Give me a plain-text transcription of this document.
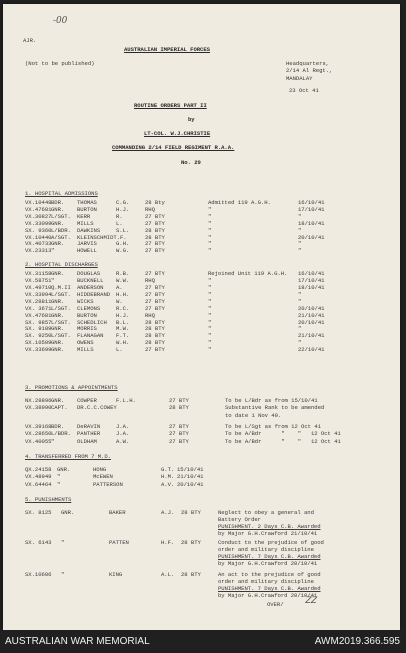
-00
AJR.
AUSTRALIAN IMPERIAL FORCES
(Not to be published)	Headquarters,
2/14 Al Regt.,
MANDALAY
23 Oct 41
ROUTINE ORDERS PART II
by
LT-COL. W.J.CHRISTIE
COMMANDING 2/14 FIELD REGIMENT R.A.A.
No. 29
1. HOSPITAL ADMISSIONS
VX.10448 BDR. THOMAS	C.G.	28 Bty	Admitted 119 A.G.H.	16/10/41
VX.47681 GNR. BURTON	H.J.	RHQ	"	17/10/41
VX.30827 L/SGT. KERR	R.	27 BTY	"	"
VX.33099 GNR. MILLS	L.	27 BTY	"	18/10/41
SX. 9360 L/BDR. DAWKINS	S.L.	28 BTY	"	"
VX.10440 A/SGT. KLEINSCHMIDT.F.	28 BTY	"	20/10/41
VX.40733 GNR. JARVIS	G.H.	27 BTY	"	"
VX.23313 "	HOWELL	W.G.	27 BTY	"	"
2. HOSPITAL DISCHARGES
VX.31158 GNR. DOUGLAS	R.B.	27 BTY	Rejoined Unit 119 A.G.H. 16/10/41
VX.58751 "	BUCKNELL W.W.	RHQ	"	17/10/41
VX.49710 Q.M.II ANDERSON A.	27 BTY	"	18/10/41
VX.33994 L/SGT. HIDDEBRAND H.H.	27 BTY	"	"
VX.28811 GNR. WICKS	W.	27 BTY	"	"
VX. 3671 L/SGT. CLEMONS	R.C.	27 BTY	"	20/10/41
VX.47681 GNR. BURTON	H.J.	RHQ	"	21/10/41
SX. 9857 L/SGT. SCHEDLICH B.L.	28 BTY	"	20/10/41
SX. 9189 GNR. MORRIS	M.W.	28 BTY	"	"
SX. 9250 L/SGT. FLANAGAN F.T.	28 BTY	"	21/10/41
SX.10509 GNR. OWENS	W.H.	28 BTY	"	"
VX.33699 GNR. MILLS	L.	27 BTY	"	22/10/41
3. PROMOTIONS & APPOINTMENTS
NX.28896 GNR. COWPER	F.L.H.	27 BTY	To be L/Bdr as from 15/10/41
VX.38990 CAPT. DR.C.C.COWEY	28 BTY	Substantive Rank to be amended
to date 1 Nov 40.
VX.39168 BDR. DeRAVIN	J.A.	27 BTY	To be L/Sgt as from 12 Oct 41
VX.28650 L/BDR. PANTHER	J.A.	27 BTY	To be A/Bdr      "    "   12 Oct 41
VX.40055 "	OLDHAM	A.W.	27 BTY	To be A/Bdr      "    "   12 Oct 41
4. TRANSFERRED FROM 7 M.D.
QX.24158 GNR.	HONG	G.T. 15/10/41
VX.48949 "	McEWEN	H.M. 21/10/41
VX.64464 "	PATTERSON	A.V. 20/10/41
5. PUNISHMENTS
SX. 8125 GNR.	BAKER	A.J. 28 BTY	Neglect to obey a general and
Battery Order
PUNISHMENT. 2 Days C.B. Awarded
by Major G.H.Crawford 21/10/41
SX. 6143 "	PATTEN	H.F. 28 BTY	Conduct to the prejudice of good
order and military discipline
PUNISHMENT. 7 Days C.B. Awarded
by Major G.H.Crawford 20/10/41
SX.10606 "	KING	A.L. 28 BTY	An act to the prejudice of good
order and military discipline
PUNISHMENT. 7 Days C.B. Awarded
by Major G.H.Crawford 20/10/41
OVER/ ᏃᏃ
AUSTRALIAN WAR MEMORIAL	AWM2019.366.595
